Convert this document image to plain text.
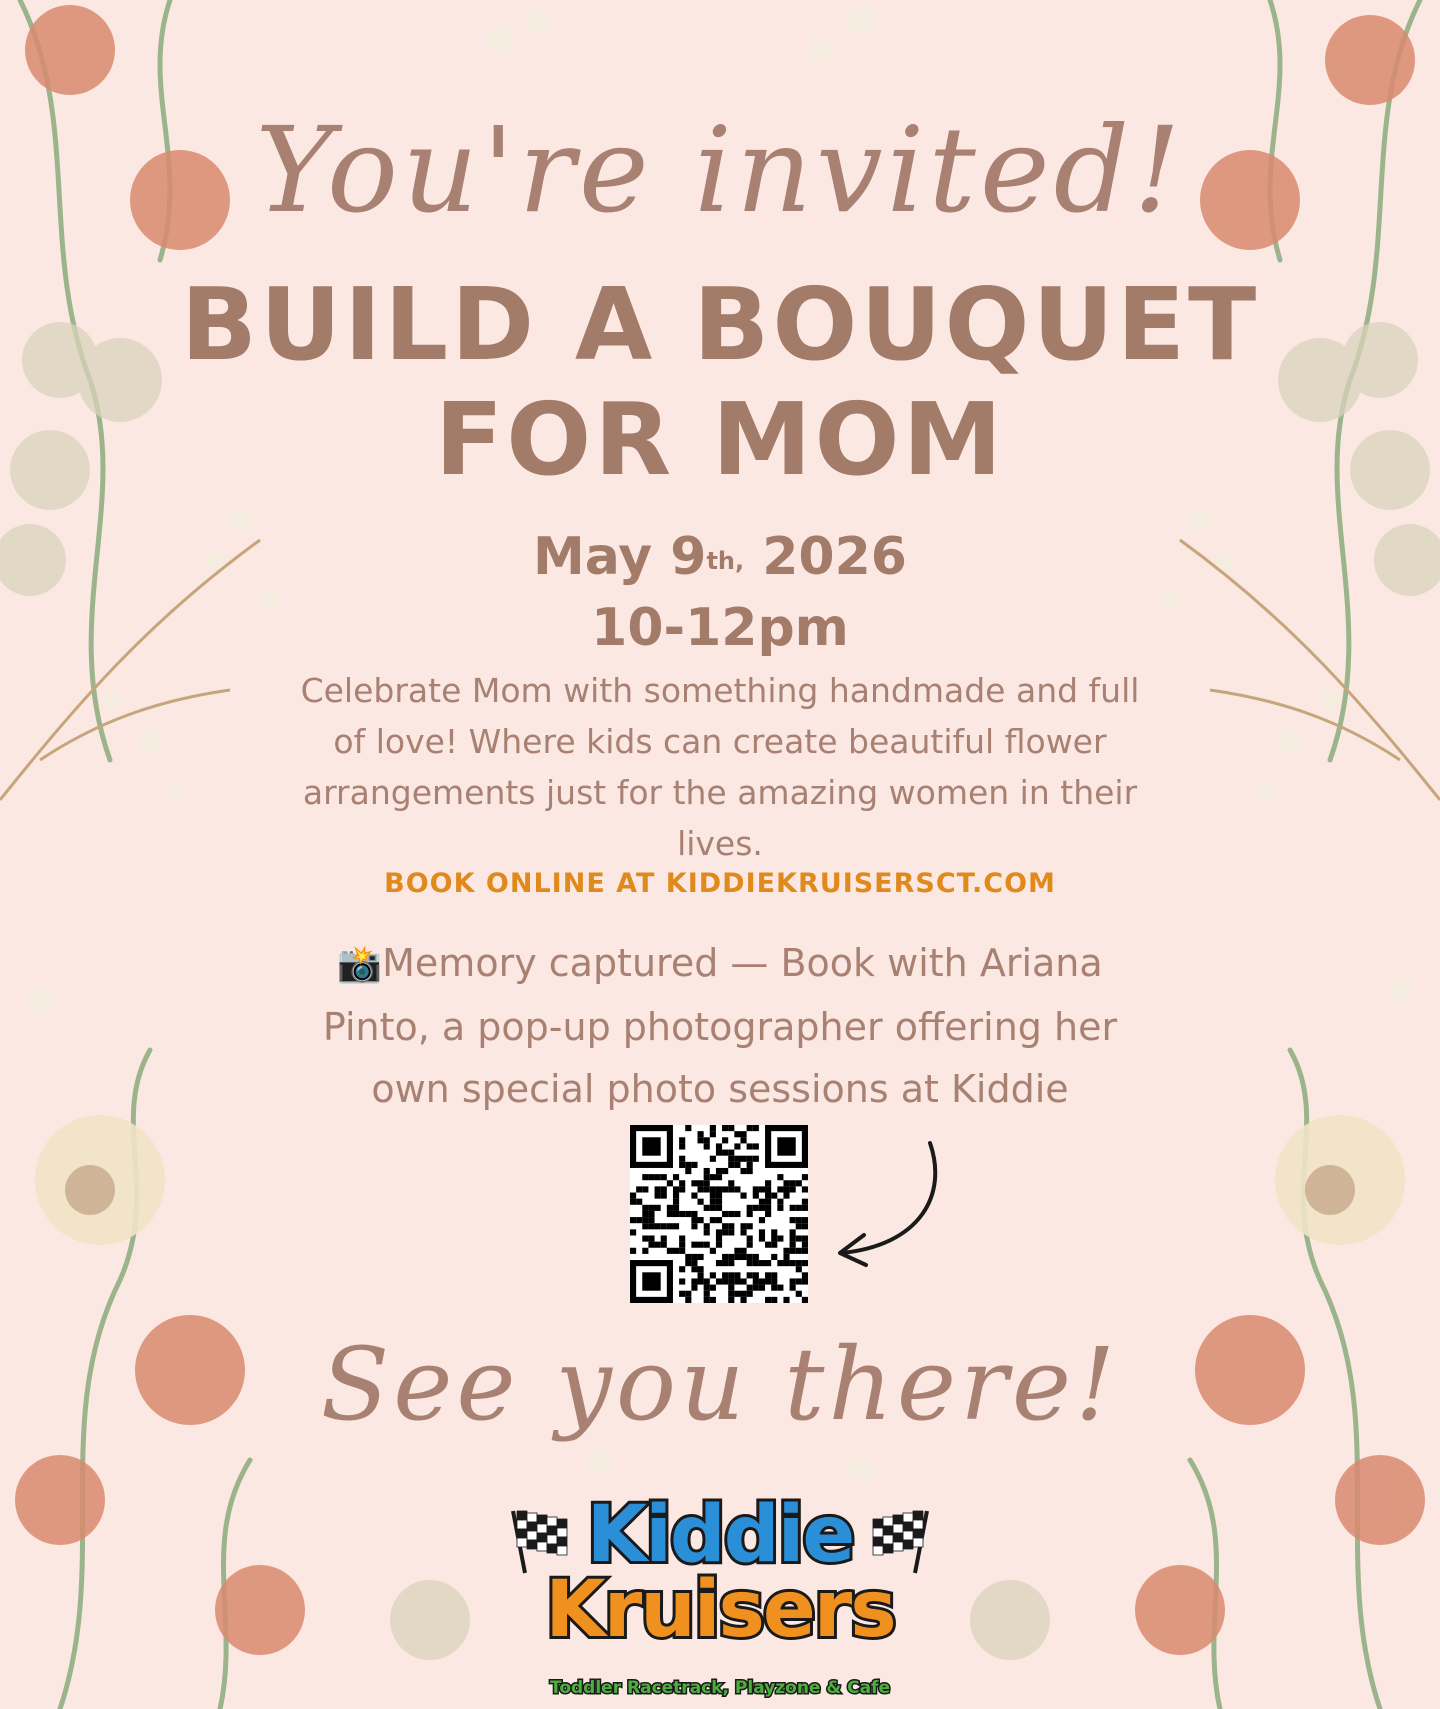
You're invited!
BUILD A BOUQUET
FOR MOM
May $9^{th,}$ 2026
10-12pm
Celebrate Mom with something handmade and full of love! Where kids can create beautiful flower arrangements just for the amazing women in their lives.
BOOK ONLINE AT KIDDIEKRUISERSCT.COM
📸Memory captured — Book with Ariana Pinto, a pop-up photographer offering her own special photo sessions at Kiddie
See you there!
Kiddie
Kruisers
Toddler Racetrack, Playzone & Cafe
